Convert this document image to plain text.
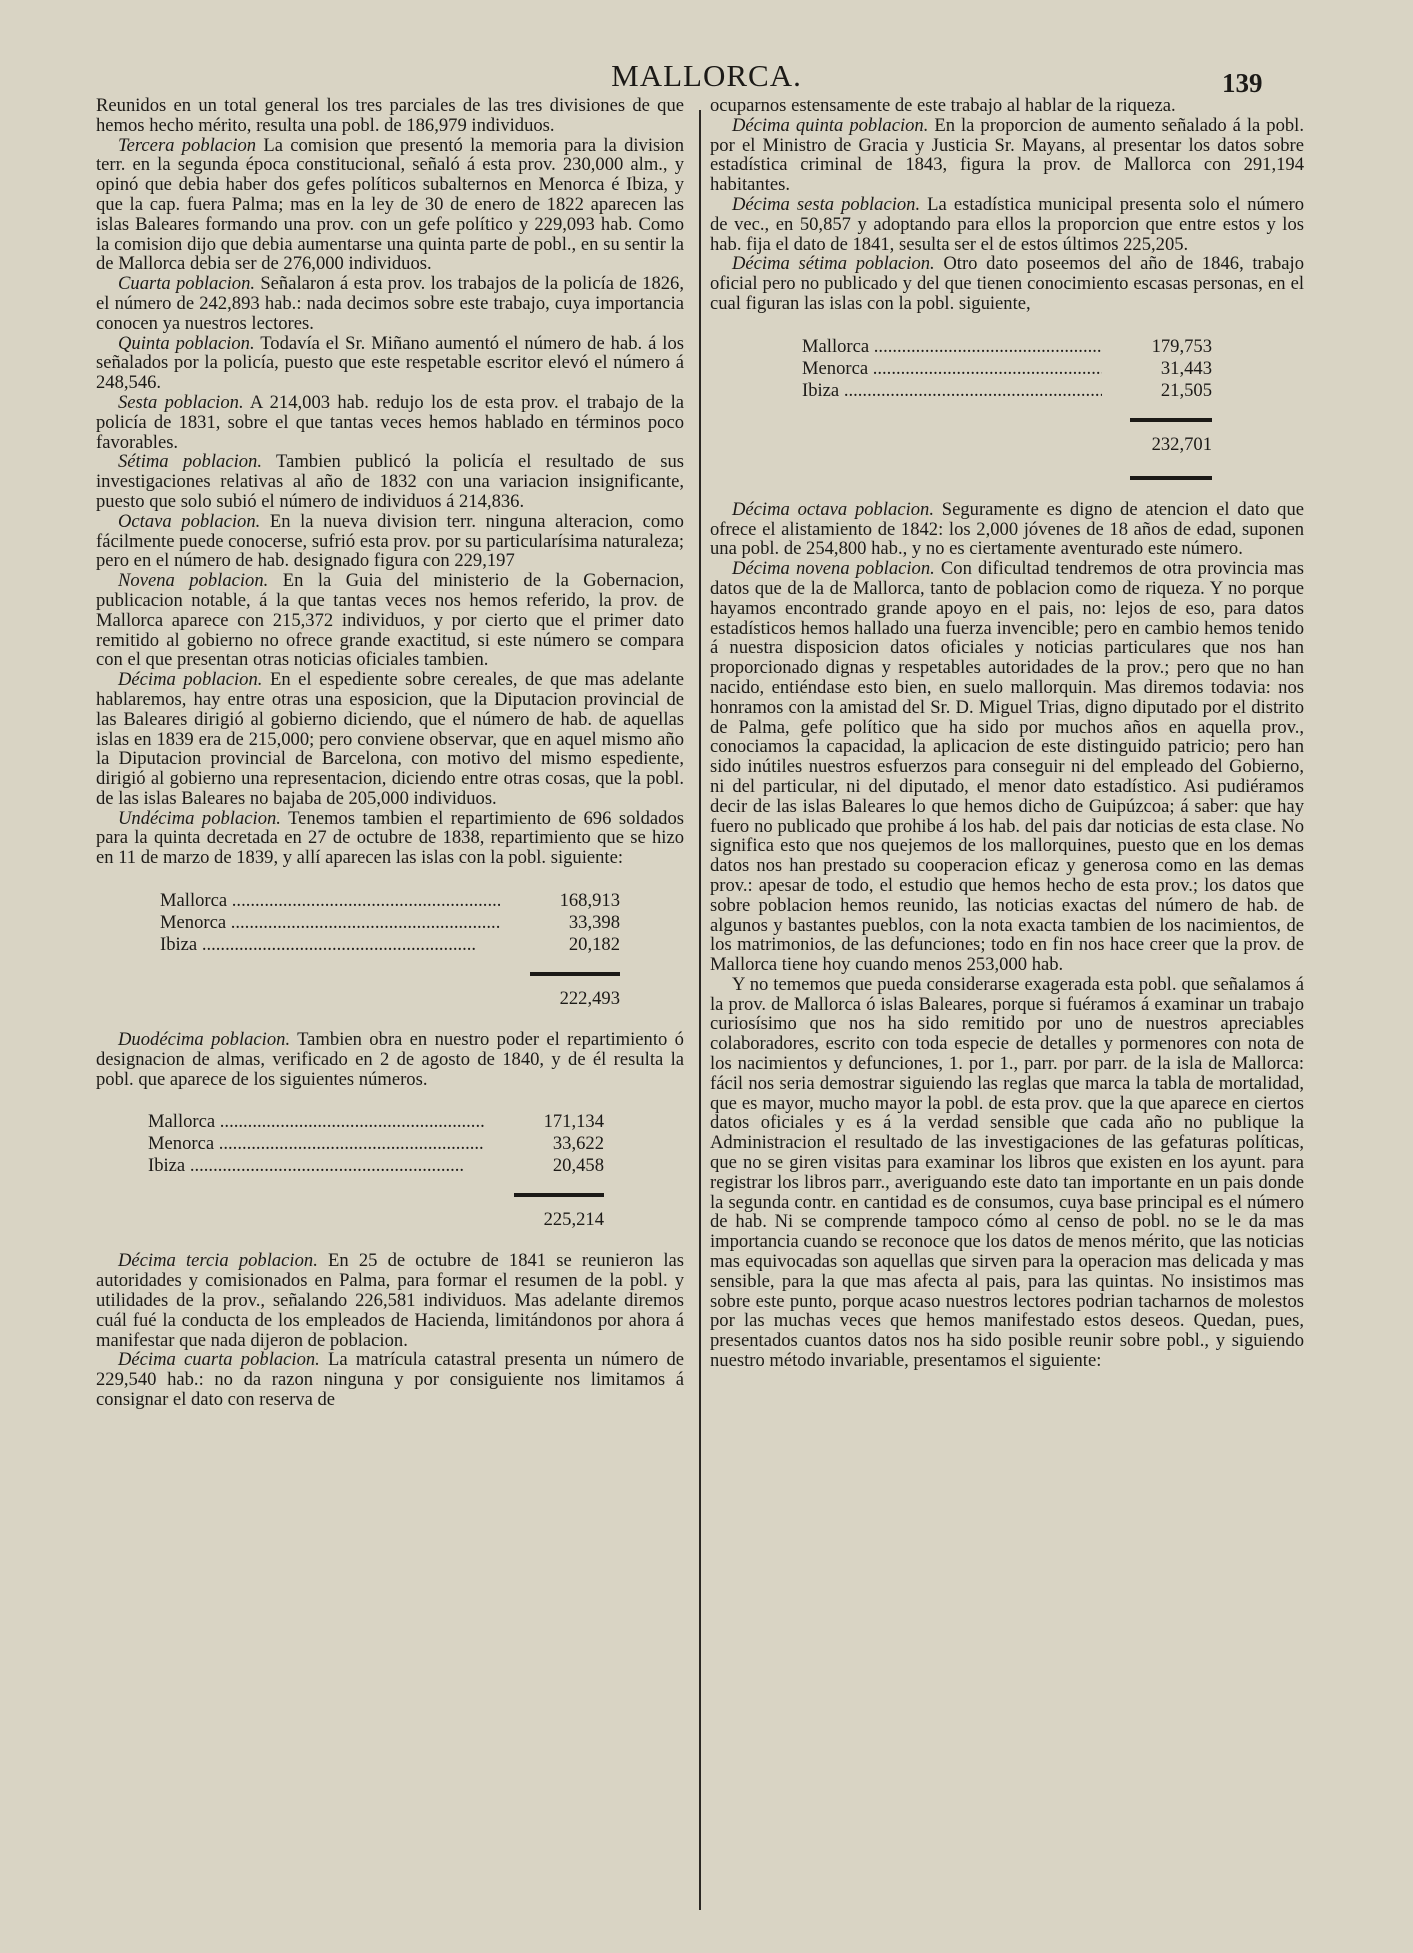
MALLORCA.	139

Reunidos en un total general los tres parciales de las tres divisiones de que hemos hecho mérito, resulta una pobl. de 186,979 individuos.

Tercera poblacion La comision que presentó la memoria para la division terr. en la segunda época constitucional, señaló á esta prov. 230,000 alm., y opinó que debia haber dos gefes políticos subalternos en Menorca é Ibiza, y que la cap. fuera Palma; mas en la ley de 30 de enero de 1822 aparecen las islas Baleares formando una prov. con un gefe político y 229,093 hab. Como la comision dijo que debia aumentarse una quinta parte de pobl., en su sentir la de Mallorca debia ser de 276,000 individuos.

Cuarta poblacion. Señalaron á esta prov. los trabajos de la policía de 1826, el número de 242,893 hab.: nada decimos sobre este trabajo, cuya importancia conocen ya nuestros lectores.

Quinta poblacion. Todavía el Sr. Miñano aumentó el número de hab. á los señalados por la policía, puesto que este respetable escritor elevó el número á 248,546.

Sesta poblacion. A 214,003 hab. redujo los de esta prov. el trabajo de la policía de 1831, sobre el que tantas veces hemos hablado en términos poco favorables.

Sétima poblacion. Tambien publicó la policía el resultado de sus investigaciones relativas al año de 1832 con una variacion insignificante, puesto que solo subió el número de individuos á 214,836.

Octava poblacion. En la nueva division terr. ninguna alteracion, como fácilmente puede conocerse, sufrió esta prov. por su particularísima naturaleza; pero en el número de hab. designado figura con 229,197

Novena poblacion. En la Guia del ministerio de la Gobernacion, publicacion notable, á la que tantas veces nos hemos referido, la prov. de Mallorca aparece con 215,372 individuos, y por cierto que el primer dato remitido al gobierno no ofrece grande exactitud, si este número se compara con el que presentan otras noticias oficiales tambien.

Décima poblacion. En el espediente sobre cereales, de que mas adelante hablaremos, hay entre otras una esposicion, que la Diputacion provincial de las Baleares dirigió al gobierno diciendo, que el número de hab. de aquellas islas en 1839 era de 215,000; pero conviene observar, que en aquel mismo año la Diputacion provincial de Barcelona, con motivo del mismo espediente, dirigió al gobierno una representacion, diciendo entre otras cosas, que la pobl. de las islas Baleares no bajaba de 205,000 individuos.

Undécima poblacion. Tenemos tambien el repartimiento de 696 soldados para la quinta decretada en 27 de octubre de 1838, repartimiento que se hizo en 11 de marzo de 1839, y allí aparecen las islas con la pobl. siguiente:

Mallorca .....	168,913
Menorca .....	33,398
Ibiza .....	20,182
222,493

Duodécima poblacion. Tambien obra en nuestro poder el repartimiento ó designacion de almas, verificado en 2 de agosto de 1840, y de él resulta la pobl. que aparece de los siguientes números.

Mallorca .....	171,134
Menorca .....	33,622
Ibiza .....	20,458
225,214

Décima tercia poblacion. En 25 de octubre de 1841 se reunieron las autoridades y comisionados en Palma, para formar el resumen de la pobl. y utilidades de la prov., señalando 226,581 individuos. Mas adelante diremos cuál fué la conducta de los empleados de Hacienda, limitándonos por ahora á manifestar que nada dijeron de poblacion.

Décima cuarta poblacion. La matrícula catastral presenta un número de 229,540 hab.: no da razon ninguna y por consiguiente nos limitamos á consignar el dato con reserva de

ocuparnos estensamente de este trabajo al hablar de la riqueza.

Décima quinta poblacion. En la proporcion de aumento señalado á la pobl. por el Ministro de Gracia y Justicia Sr. Mayans, al presentar los datos sobre estadística criminal de 1843, figura la prov. de Mallorca con 291,194 habitantes.

Décima sesta poblacion. La estadística municipal presenta solo el número de vec., en 50,857 y adoptando para ellos la proporcion que entre estos y los hab. fija el dato de 1841, sesulta ser el de estos últimos 225,205.

Décima sétima poblacion. Otro dato poseemos del año de 1846, trabajo oficial pero no publicado y del que tienen conocimiento escasas personas, en el cual figuran las islas con la pobl. siguiente,

Mallorca .....	179,753
Menorca .....	31,443
Ibiza .....	21,505
232,701

Décima octava poblacion. Seguramente es digno de atencion el dato que ofrece el alistamiento de 1842: los 2,000 jóvenes de 18 años de edad, suponen una pobl. de 254,800 hab., y no es ciertamente aventurado este número.

Décima novena poblacion. Con dificultad tendremos de otra provincia mas datos que de la de Mallorca, tanto de poblacion como de riqueza. Y no porque hayamos encontrado grande apoyo en el pais, no: lejos de eso, para datos estadísticos hemos hallado una fuerza invencible; pero en cambio hemos tenido á nuestra disposicion datos oficiales y noticias particulares que nos han proporcionado dignas y respetables autoridades de la prov.; pero que no han nacido, entiéndase esto bien, en suelo mallorquin. Mas diremos todavia: nos honramos con la amistad del Sr. D. Miguel Trias, digno diputado por el distrito de Palma, gefe político que ha sido por muchos años en aquella prov., conociamos la capacidad, la aplicacion de este distinguido patricio; pero han sido inútiles nuestros esfuerzos para conseguir ni del empleado del Gobierno, ni del particular, ni del diputado, el menor dato estadístico. Asi pudiéramos decir de las islas Baleares lo que hemos dicho de Guipúzcoa; á saber: que hay fuero no publicado que prohibe á los hab. del pais dar noticias de esta clase. No significa esto que nos quejemos de los mallorquines, puesto que en los demas datos nos han prestado su cooperacion eficaz y generosa como en las demas prov.: apesar de todo, el estudio que hemos hecho de esta prov.; los datos que sobre poblacion hemos reunido, las noticias exactas del número de hab. de algunos y bastantes pueblos, con la nota exacta tambien de los nacimientos, de los matrimonios, de las defunciones; todo en fin nos hace creer que la prov. de Mallorca tiene hoy cuando menos 253,000 hab.

Y no tememos que pueda considerarse exagerada esta pobl. que señalamos á la prov. de Mallorca ó islas Baleares, porque si fuéramos á examinar un trabajo curiosísimo que nos ha sido remitido por uno de nuestros apreciables colaboradores, escrito con toda especie de detalles y pormenores con nota de los nacimientos y defunciones, 1. por 1., parr. por parr. de la isla de Mallorca: fácil nos seria demostrar siguiendo las reglas que marca la tabla de mortalidad, que es mayor, mucho mayor la pobl. de esta prov. que la que aparece en ciertos datos oficiales y es á la verdad sensible que cada año no publique la Administracion el resultado de las investigaciones de las gefaturas políticas, que no se giren visitas para examinar los libros que existen en los ayunt. para registrar los libros parr., averiguando este dato tan importante en un pais donde la segunda contr. en cantidad es de consumos, cuya base principal es el número de hab. Ni se comprende tampoco cómo al censo de pobl. no se le da mas importancia cuando se reconoce que los datos de menos mérito, que las noticias mas equivocadas son aquellas que sirven para la operacion mas delicada y mas sensible, para la que mas afecta al pais, para las quintas. No insistimos mas sobre este punto, porque acaso nuestros lectores podrian tacharnos de molestos por las muchas veces que hemos manifestado estos deseos. Quedan, pues, presentados cuantos datos nos ha sido posible reunir sobre pobl., y siguiendo nuestro método invariable, presentamos el siguiente:
